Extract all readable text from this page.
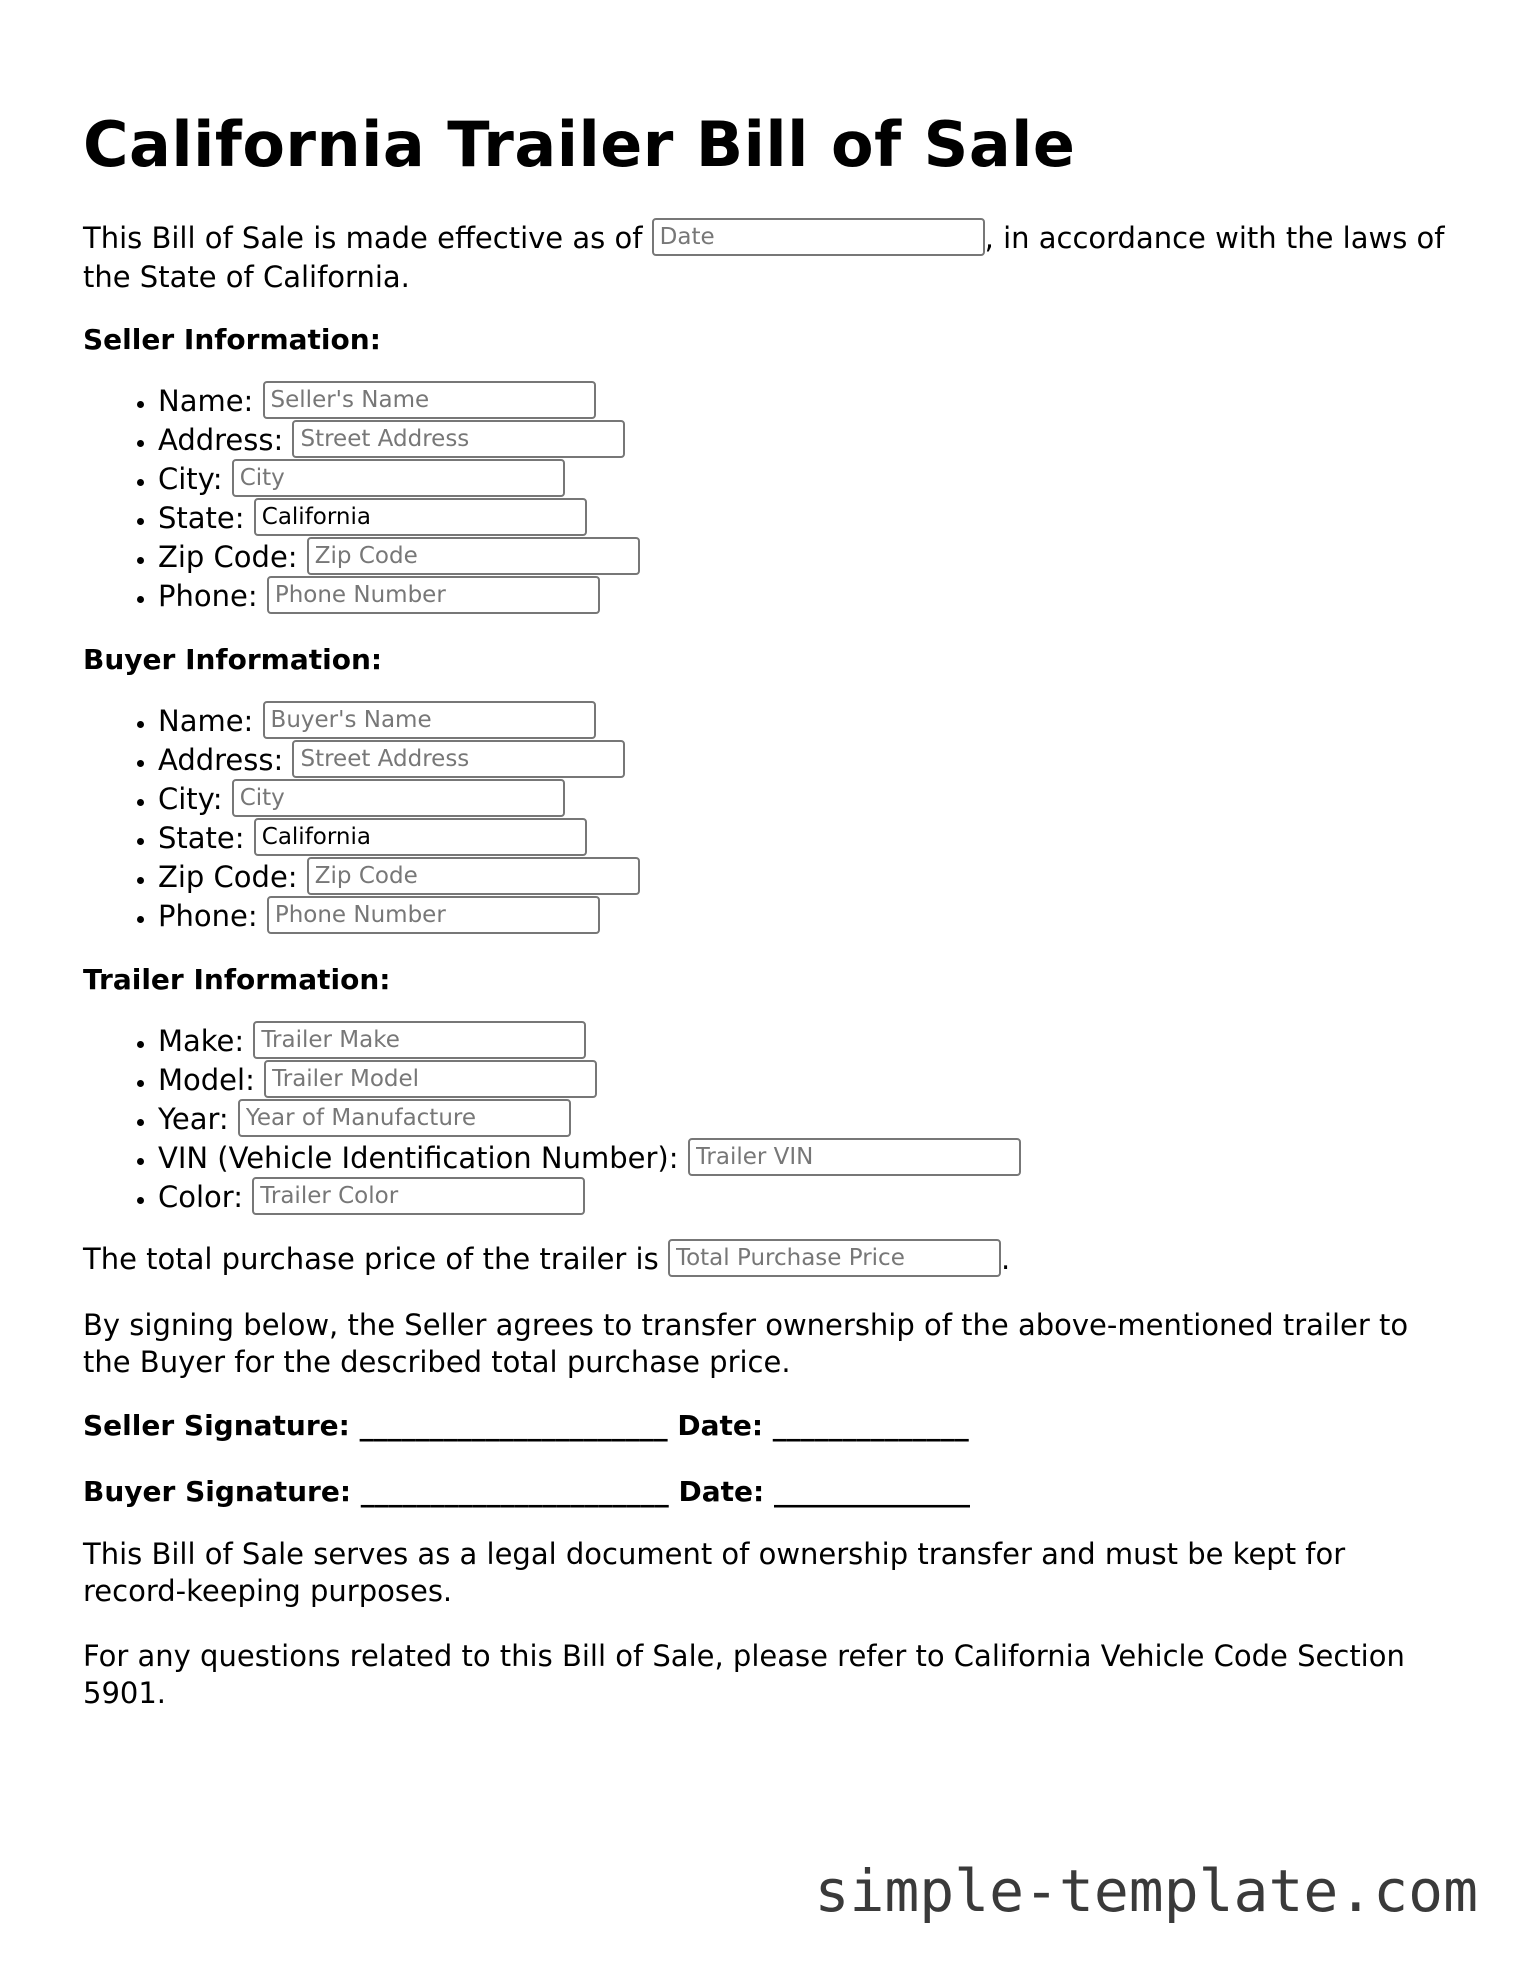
California Trailer Bill of Sale

This Bill of Sale is made effective as of Date	, in accordance with the laws of the State of California.

Seller Information:
• Name: Seller's Name
• Address: Street Address
• City: City
• State: California
• Zip Code: Zip Code
• Phone: Phone Number
Buyer Information:
• Name: Buyer's Name
• Address: Street Address
• City: City
• State: California
• Zip Code: Zip Code
• Phone: Phone Number
Trailer Information:
• Make: Trailer Make
• Model: Trailer Model
• Year: Year of Manufacture
• VIN (Vehicle Identification Number): Trailer VIN
• Color: Trailer Color

The total purchase price of the trailer is Total Purchase Price	.

By signing below, the Seller agrees to transfer ownership of the above-mentioned trailer to the Buyer for the described total purchase price.

Seller Signature: ______________________ Date: ______________

Buyer Signature: ______________________ Date: ______________

This Bill of Sale serves as a legal document of ownership transfer and must be kept for record-keeping purposes.

For any questions related to this Bill of Sale, please refer to California Vehicle Code Section 5901.

simple-template.com
